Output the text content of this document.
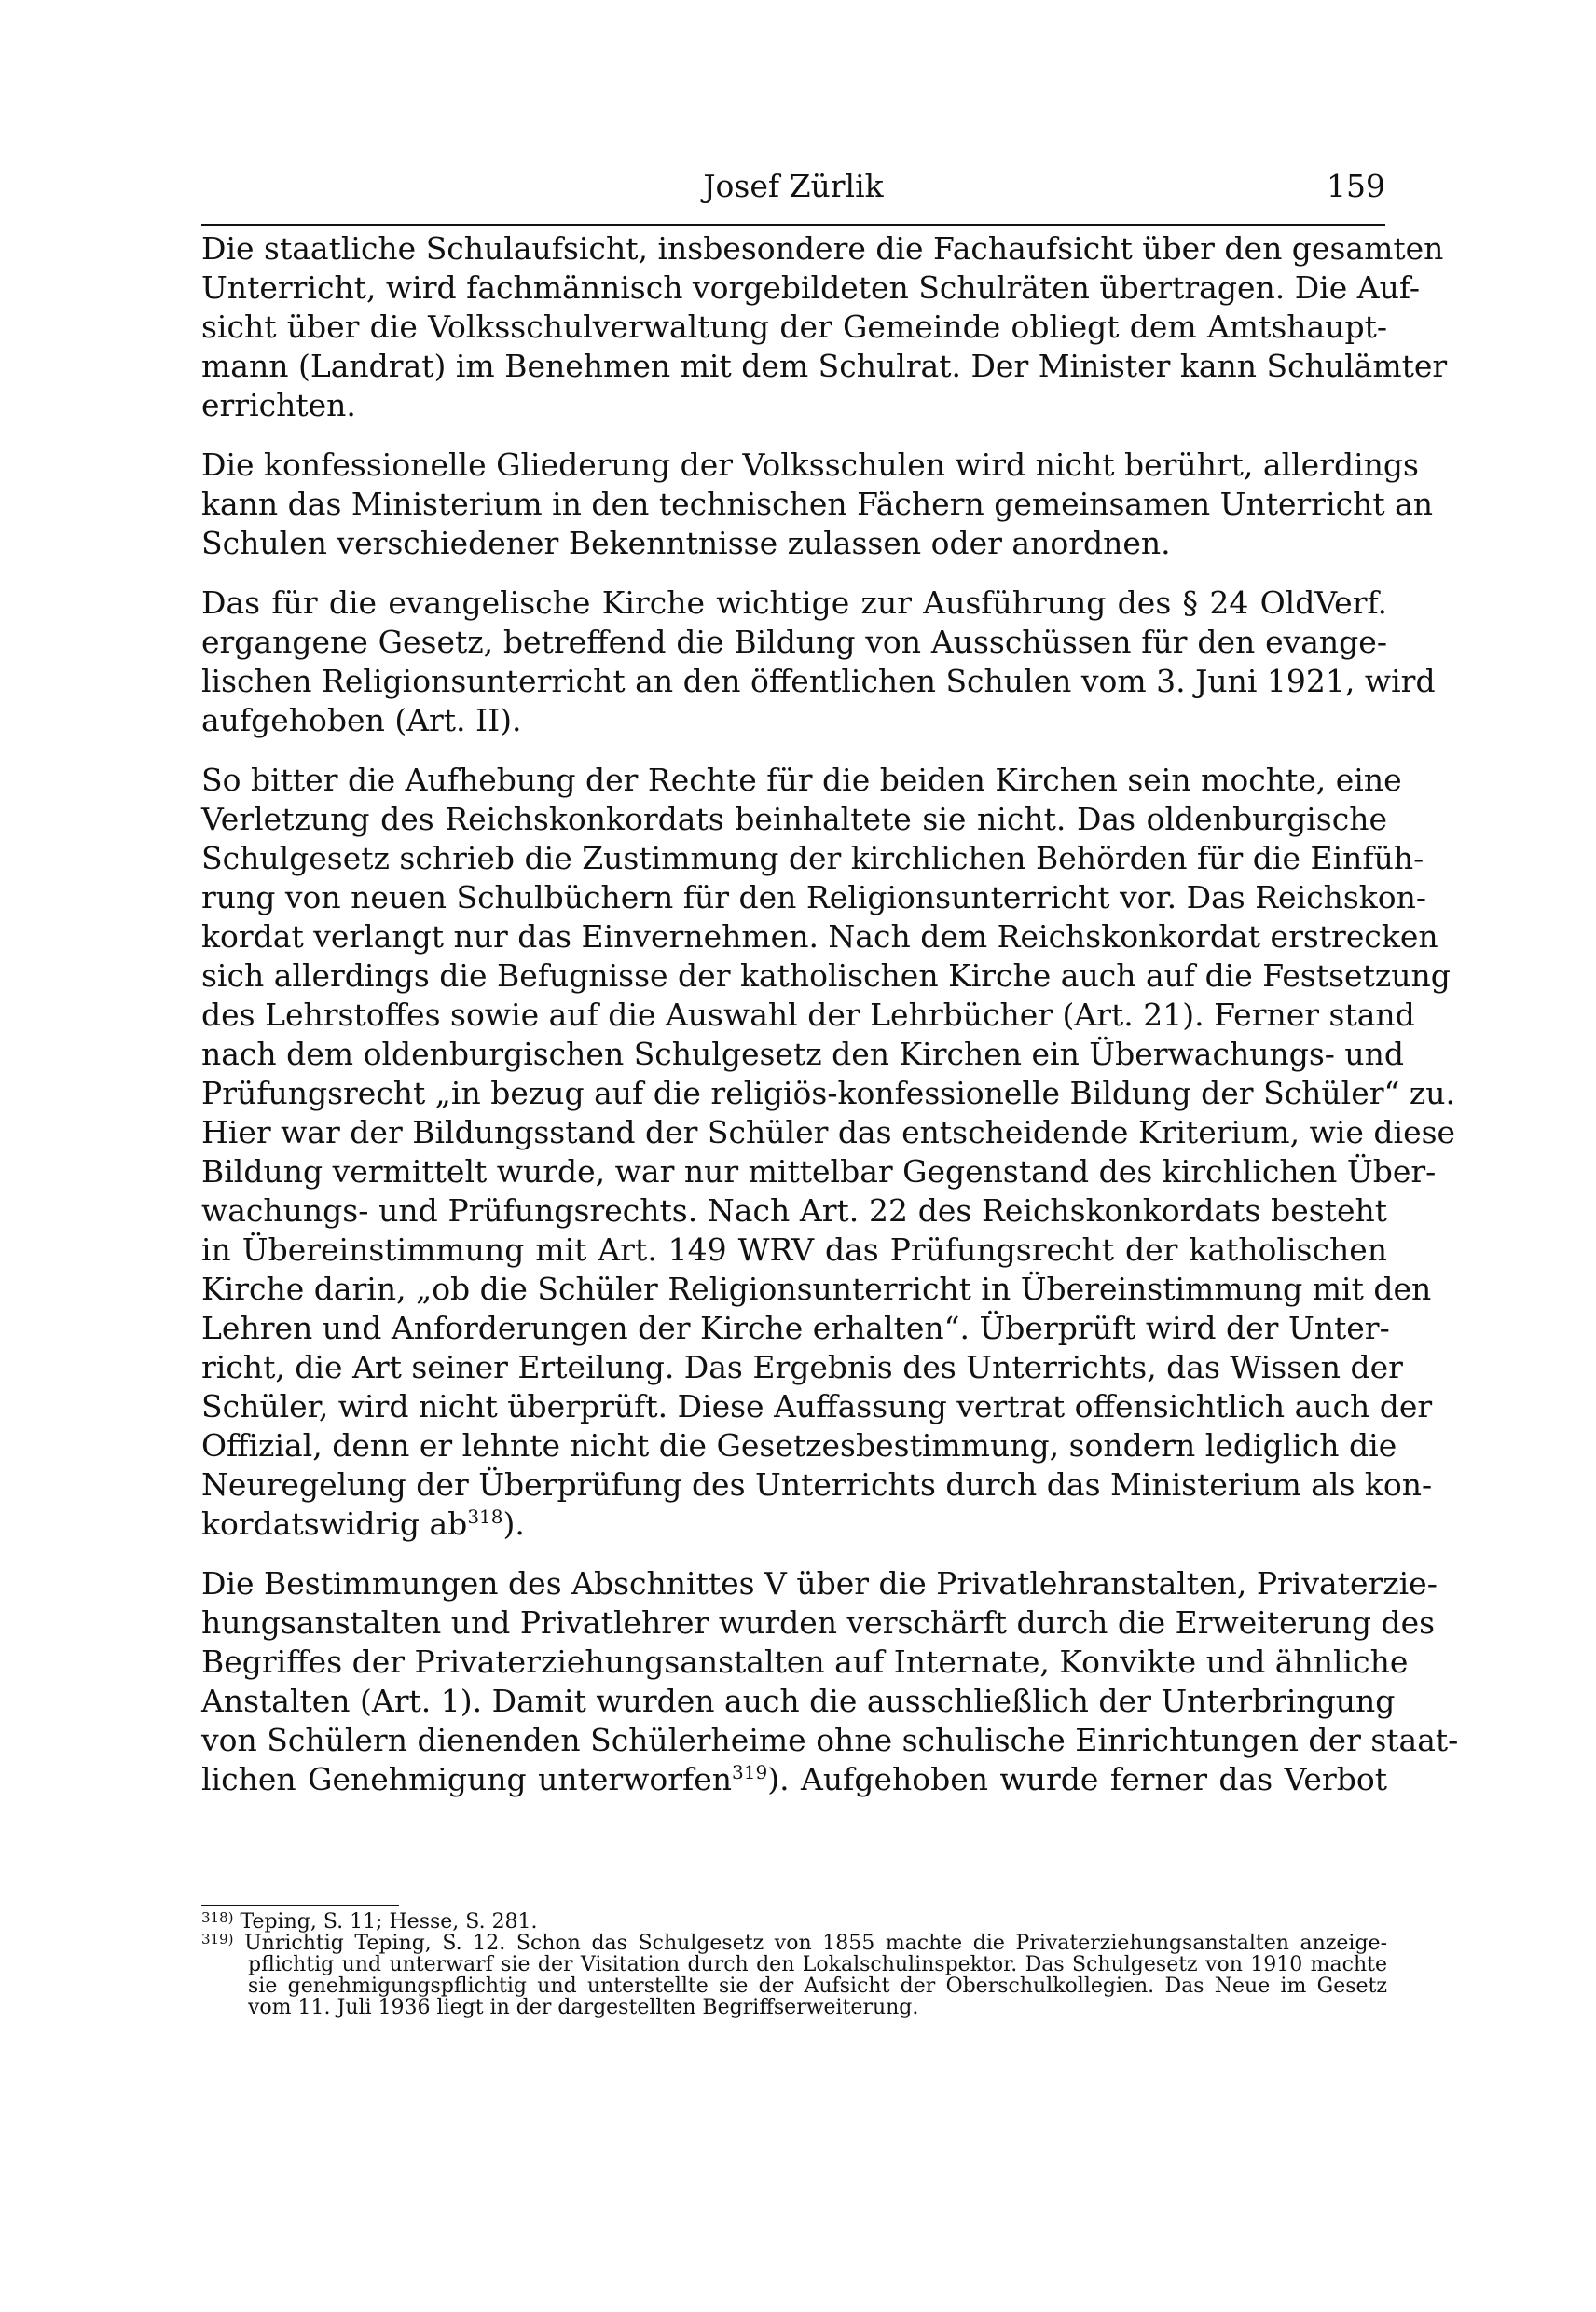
Josef Zürlik	159
Die staatliche Schulaufsicht, insbesondere die Fachaufsicht über den gesamten
Unterricht, wird fachmännisch vorgebildeten Schulräten übertragen. Die Auf-
sicht über die Volksschulverwaltung der Gemeinde obliegt dem Amtshaupt-
mann (Landrat) im Benehmen mit dem Schulrat. Der Minister kann Schulämter
errichten.
Die konfessionelle Gliederung der Volksschulen wird nicht berührt, allerdings
kann das Ministerium in den technischen Fächern gemeinsamen Unterricht an
Schulen verschiedener Bekenntnisse zulassen oder anordnen.
Das für die evangelische Kirche wichtige zur Ausführung des § 24 OldVerf.
ergangene Gesetz, betreffend die Bildung von Ausschüssen für den evange-
lischen Religionsunterricht an den öffentlichen Schulen vom 3. Juni 1921, wird
aufgehoben (Art. II).
So bitter die Aufhebung der Rechte für die beiden Kirchen sein mochte, eine
Verletzung des Reichskonkordats beinhaltete sie nicht. Das oldenburgische
Schulgesetz schrieb die Zustimmung der kirchlichen Behörden für die Einfüh-
rung von neuen Schulbüchern für den Religionsunterricht vor. Das Reichskon-
kordat verlangt nur das Einvernehmen. Nach dem Reichskonkordat erstrecken
sich allerdings die Befugnisse der katholischen Kirche auch auf die Festsetzung
des Lehrstoffes sowie auf die Auswahl der Lehrbücher (Art. 21). Ferner stand
nach dem oldenburgischen Schulgesetz den Kirchen ein Überwachungs- und
Prüfungsrecht „in bezug auf die religiös-konfessionelle Bildung der Schüler“ zu.
Hier war der Bildungsstand der Schüler das entscheidende Kriterium, wie diese
Bildung vermittelt wurde, war nur mittelbar Gegenstand des kirchlichen Über-
wachungs- und Prüfungsrechts. Nach Art. 22 des Reichskonkordats besteht
in Übereinstimmung mit Art. 149 WRV das Prüfungsrecht der katholischen
Kirche darin, „ob die Schüler Religionsunterricht in Übereinstimmung mit den
Lehren und Anforderungen der Kirche erhalten“. Überprüft wird der Unter-
richt, die Art seiner Erteilung. Das Ergebnis des Unterrichts, das Wissen der
Schüler, wird nicht überprüft. Diese Auffassung vertrat offensichtlich auch der
Offizial, denn er lehnte nicht die Gesetzesbestimmung, sondern lediglich die
Neuregelung der Überprüfung des Unterrichts durch das Ministerium als kon-
kordatswidrig $ab^{318}$).
Die Bestimmungen des Abschnittes V über die Privatlehranstalten, Privaterzie-
hungsanstalten und Privatlehrer wurden verschärft durch die Erweiterung des
Begriffes der Privaterziehungsanstalten auf Internate, Konvikte und ähnliche
Anstalten (Art. 1). Damit wurden auch die ausschließlich der Unterbringung
von Schülern dienenden Schülerheime ohne schulische Einrichtungen der staat-
lichen Genehmigung unterworfen$^{319}$). Aufgehoben wurde ferner das Verbot
$^{318)}$ Teping, S. 11; Hesse, S. 281.
$^{319)}$ Unrichtig Teping, S. 12. Schon das Schulgesetz von 1855 machte die Privaterziehungsanstalten anzeige-
pflichtig und unterwarf sie der Visitation durch den Lokalschulinspektor. Das Schulgesetz von 1910 machte
sie genehmigungspflichtig und unterstellte sie der Aufsicht der Oberschulkollegien. Das Neue im Gesetz
vom 11. Juli 1936 liegt in der dargestellten Begriffserweiterung.
